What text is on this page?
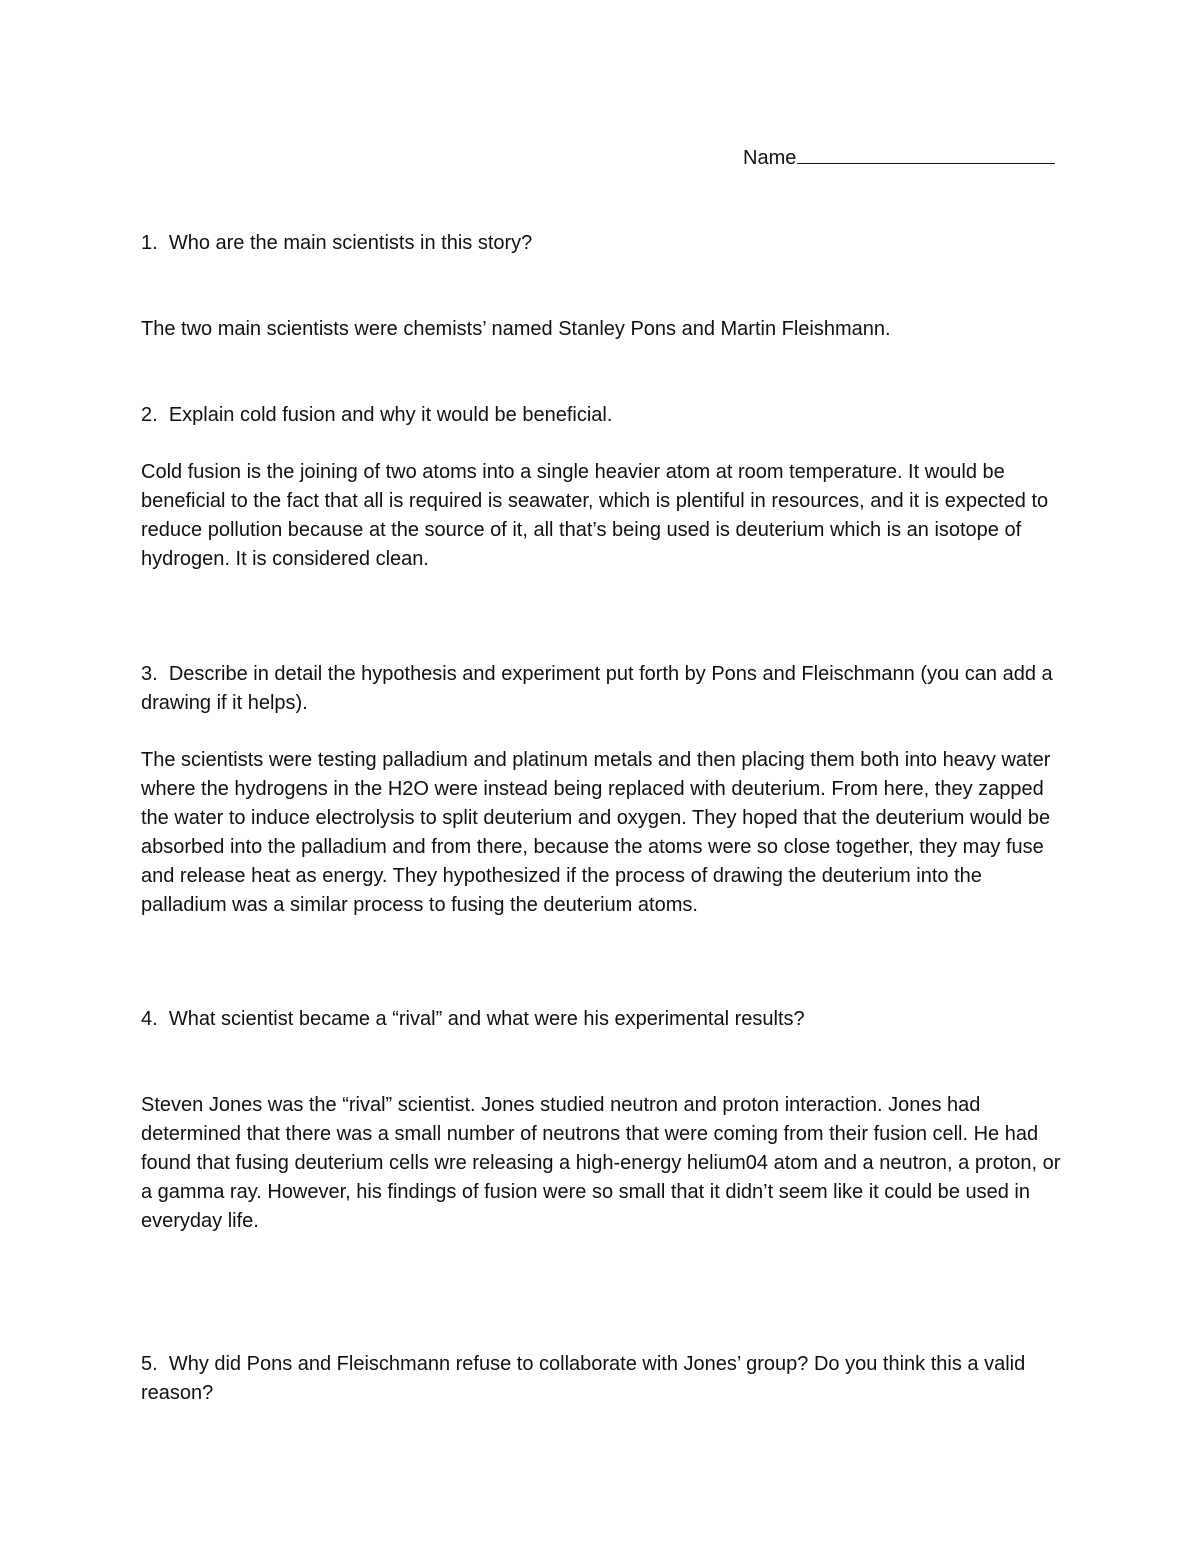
Name
1. Who are the main scientists in this story?

The two main scientists were chemists’ named Stanley Pons and Martin Fleishmann.

2. Explain cold fusion and why it would be beneficial.

Cold fusion is the joining of two atoms into a single heavier atom at room temperature. It would be beneficial to the fact that all is required is seawater, which is plentiful in resources, and it is expected to reduce pollution because at the source of it, all that’s being used is deuterium which is an isotope of hydrogen. It is considered clean.

3. Describe in detail the hypothesis and experiment put forth by Pons and Fleischmann (you can add a drawing if it helps).

The scientists were testing palladium and platinum metals and then placing them both into heavy water where the hydrogens in the H2O were instead being replaced with deuterium. From here, they zapped the water to induce electrolysis to split deuterium and oxygen. They hoped that the deuterium would be absorbed into the palladium and from there, because the atoms were so close together, they may fuse and release heat as energy. They hypothesized if the process of drawing the deuterium into the palladium was a similar process to fusing the deuterium atoms.

4. What scientist became a “rival” and what were his experimental results?

Steven Jones was the “rival” scientist. Jones studied neutron and proton interaction. Jones had determined that there was a small number of neutrons that were coming from their fusion cell. He had found that fusing deuterium cells wre releasing a high-energy helium04 atom and a neutron, a proton, or a gamma ray. However, his findings of fusion were so small that it didn’t seem like it could be used in everyday life.

5. Why did Pons and Fleischmann refuse to collaborate with Jones’ group? Do you think this a valid reason?
